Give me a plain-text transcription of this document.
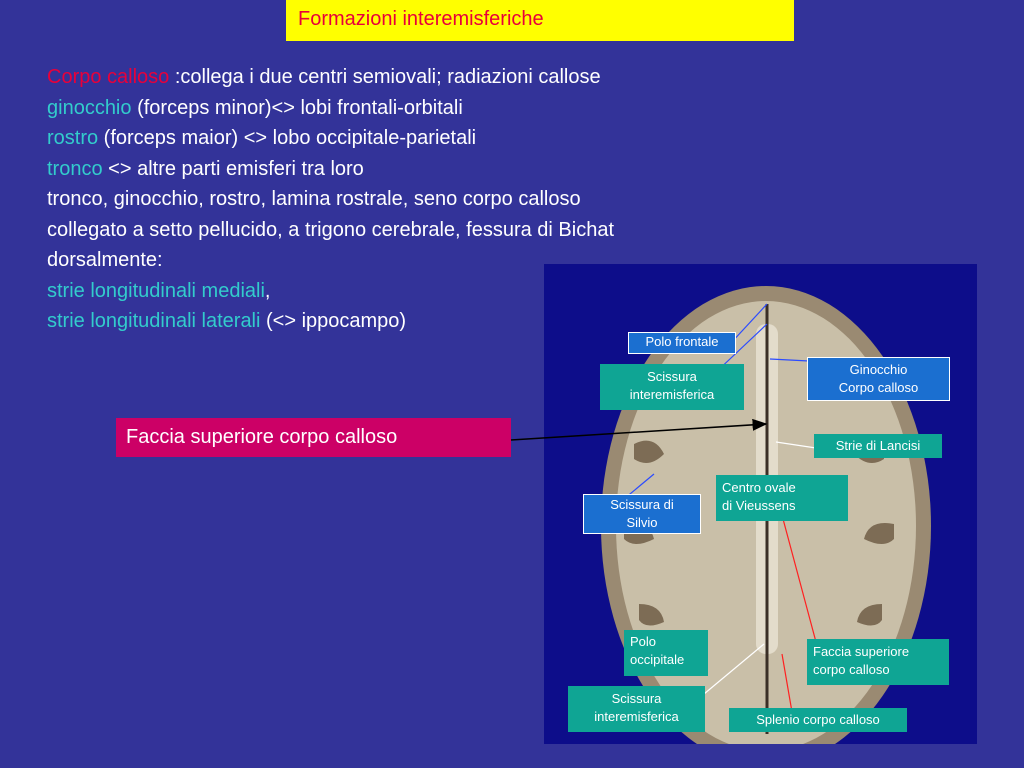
Formazioni interemisferiche
Corpo calloso :collega i due centri semiovali; radiazioni callose
ginocchio (forceps minor)<> lobi frontali-orbitali
rostro (forceps maior) <> lobo occipitale-parietali
tronco <> altre parti emisferi tra loro
tronco, ginocchio, rostro, lamina rostrale, seno corpo calloso
collegato a setto pellucido, a trigono cerebrale, fessura di Bichat
dorsalmente:
strie longitudinali mediali,
strie longitudinali laterali (<> ippocampo)
Faccia superiore corpo calloso
Polo frontale
Scissura
interemisferica
Ginocchio
Corpo calloso
Strie di Lancisi
Centro ovale
di Vieussens
Scissura di
Silvio
Polo
occipitale
Faccia superiore
corpo calloso
Scissura
interemisferica	Splenio corpo calloso
